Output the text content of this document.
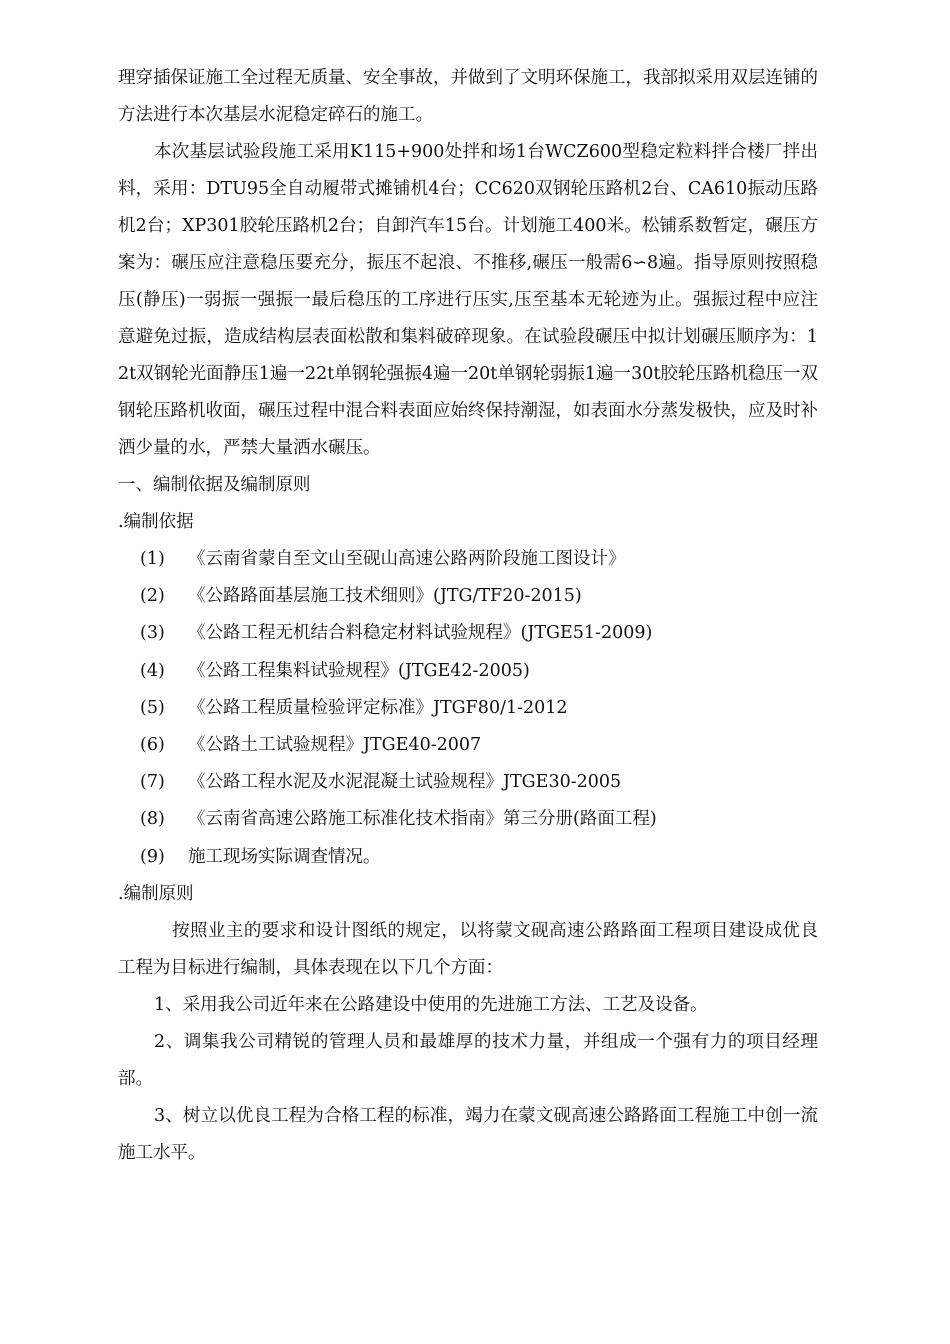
理穿插保证施工全过程无质量、安全事故，并做到了文明环保施工，我部拟采用双层连铺的方法进行本次基层水泥稳定碎石的施工。

本次基层试验段施工采用K115+900处拌和场1台WCZ600型稳定粒料拌合楼厂拌出料，采用：DTU95全自动履带式摊铺机4台；CC620双钢轮压路机2台、CA610振动压路机2台；XP301胶轮压路机2台；自卸汽车15台。计划施工400米。松铺系数暂定，碾压方案为：碾压应注意稳压要充分，振压不起浪、不推移,碾压一般需6∽8遍。指导原则按照稳压(静压)一弱振一强振一最后稳压的工序进行压实,压至基本无轮迹为止。强振过程中应注意避免过振，造成结构层表面松散和集料破碎现象。在试验段碾压中拟计划碾压顺序为：12t双钢轮光面静压1遍一22t单钢轮强振4遍一20t单钢轮弱振1遍一30t胶轮压路机稳压一双钢轮压路机收面，碾压过程中混合料表面应始终保持潮湿，如表面水分蒸发极快，应及时补洒少量的水，严禁大量洒水碾压。

一、编制依据及编制原则

.编制依据

(1) 《云南省蒙自至文山至砚山高速公路两阶段施工图设计》

(2) 《公路路面基层施工技术细则》(JTG/TF20-2015)

(3) 《公路工程无机结合料稳定材料试验规程》(JTGE51-2009)

(4) 《公路工程集料试验规程》(JTGE42-2005)

(5) 《公路工程质量检验评定标准》JTGF80/1-2012

(6) 《公路土工试验规程》JTGE40-2007

(7) 《公路工程水泥及水泥混凝土试验规程》JTGE30-2005

(8) 《云南省高速公路施工标准化技术指南》第三分册(路面工程)

(9) 施工现场实际调查情况。

.编制原则

按照业主的要求和设计图纸的规定，以将蒙文砚高速公路路面工程项目建设成优良工程为目标进行编制，具体表现在以下几个方面：

1、采用我公司近年来在公路建设中使用的先进施工方法、工艺及设备。

2、调集我公司精锐的管理人员和最雄厚的技术力量，并组成一个强有力的项目经理部。

3、树立以优良工程为合格工程的标准，竭力在蒙文砚高速公路路面工程施工中创一流施工水平。
